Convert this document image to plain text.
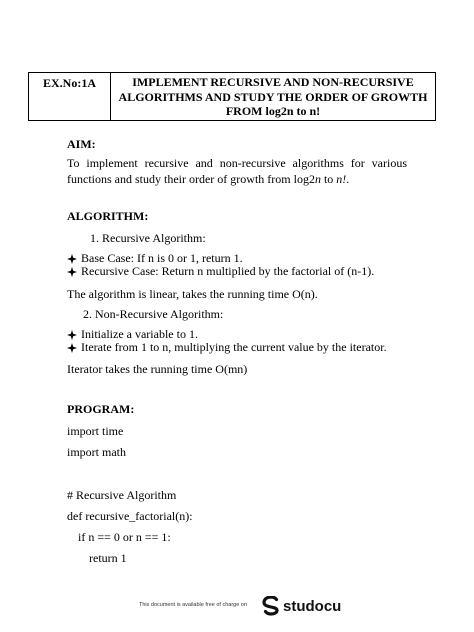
EX.No:1A	IMPLEMENT RECURSIVE AND NON-RECURSIVE ALGORITHMS AND STUDY THE ORDER OF GROWTH FROM log2n to n!
AIM:
To implement recursive and non-recursive algorithms for various functions and study their order of growth from log2n to n!.
ALGORITHM:
1. Recursive Algorithm:
Base Case: If n is 0 or 1, return 1.
Recursive Case: Return n multiplied by the factorial of (n-1).
The algorithm is linear, takes the running time O(n).
2. Non-Recursive Algorithm:
Initialize a variable to 1.
Iterate from 1 to n, multiplying the current value by the iterator.
Iterator takes the running time O(mn)
PROGRAM:
import time
import math
# Recursive Algorithm
def recursive_factorial(n):
if n == 0 or n == 1:
return 1
This document is available free of charge on studocu
